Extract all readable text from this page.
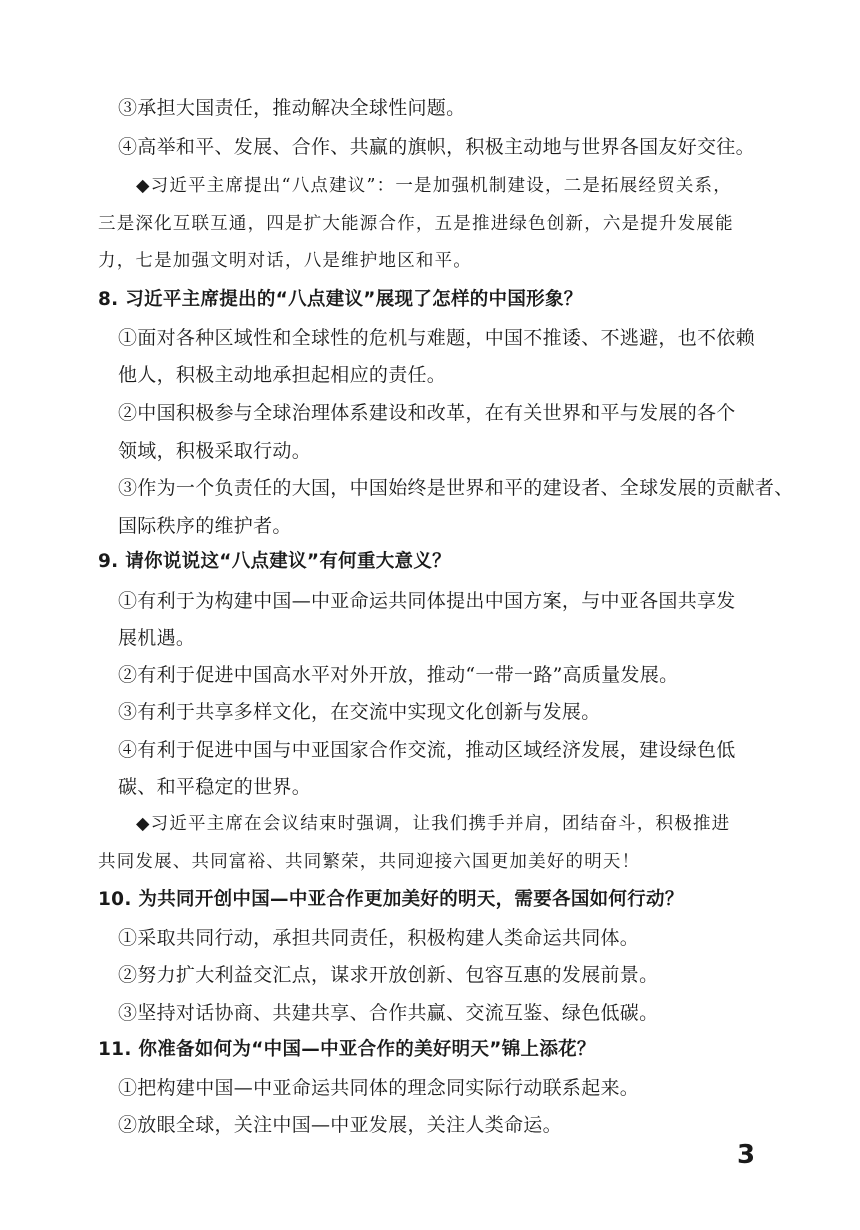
③承担大国责任，推动解决全球性问题。
④高举和平、发展、合作、共赢的旗帜，积极主动地与世界各国友好交往。
◆习近平主席提出“八点建议”：一是加强机制建设，二是拓展经贸关系，
三是深化互联互通，四是扩大能源合作，五是推进绿色创新，六是提升发展能
力，七是加强文明对话，八是维护地区和平。
8. 习近平主席提出的“八点建议”展现了怎样的中国形象？
①面对各种区域性和全球性的危机与难题，中国不推诿、不逃避，也不依赖
他人，积极主动地承担起相应的责任。
②中国积极参与全球治理体系建设和改革，在有关世界和平与发展的各个
领域，积极采取行动。
③作为一个负责任的大国，中国始终是世界和平的建设者、全球发展的贡献者、
国际秩序的维护者。
9. 请你说说这“八点建议”有何重大意义？
①有利于为构建中国—中亚命运共同体提出中国方案，与中亚各国共享发
展机遇。
②有利于促进中国高水平对外开放，推动“一带一路”高质量发展。
③有利于共享多样文化，在交流中实现文化创新与发展。
④有利于促进中国与中亚国家合作交流，推动区域经济发展，建设绿色低
碳、和平稳定的世界。
◆习近平主席在会议结束时强调，让我们携手并肩，团结奋斗，积极推进
共同发展、共同富裕、共同繁荣，共同迎接六国更加美好的明天！
10. 为共同开创中国—中亚合作更加美好的明天，需要各国如何行动？
①采取共同行动，承担共同责任，积极构建人类命运共同体。
②努力扩大利益交汇点，谋求开放创新、包容互惠的发展前景。
③坚持对话协商、共建共享、合作共赢、交流互鉴、绿色低碳。
11. 你准备如何为“中国—中亚合作的美好明天”锦上添花？
①把构建中国—中亚命运共同体的理念同实际行动联系起来。
②放眼全球，关注中国—中亚发展，关注人类命运。
3
